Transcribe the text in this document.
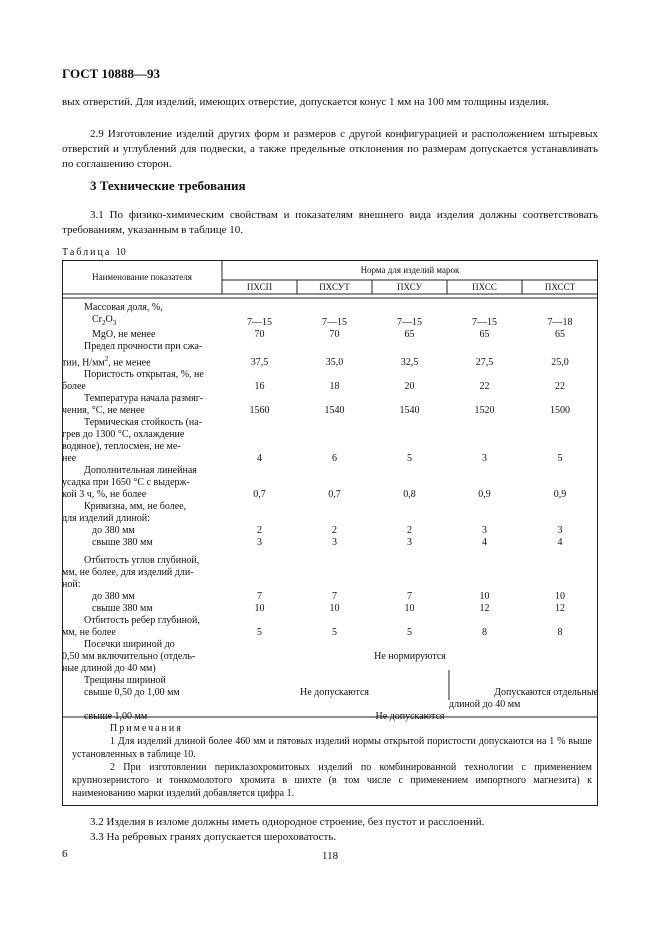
ГОСТ 10888—93

вых отверстий. Для изделий, имеющих отверстие, допускается конус 1 мм на 100 мм толщины изделия.

2.9 Изготовление изделий других форм и размеров с другой конфигурацией и расположением штыревых отверстий и углублений для подвески, а также предельные отклонения по размерам допускается устанавливать по соглашению сторон.

3 Технические требования

3.1 По физико-химическим свойствам и показателям внешнего вида изделия должны соответствовать требованиям, указанным в таблице 10.

Таблица 10
Наименование показателя	Норма для изделий марок				
	ПХСП	ПХСУТ	ПХСУ	ПХСС	ПХССТ

Массовая доля, %,					
$Cr_2O_3$	7—15	7—15	7—15	7—15	7—18
MgO, не менее	70	70	65	65	65
Предел прочности при сжа-					
тии, $Н/мм^2$, не менее	37,5	35,0	32,5	27,5	25,0
Пористость открытая, %, не					
более	16	18	20	22	22
Температура начала размяг-					
чения, °С, не менее	1560	1540	1540	1520	1500
Термическая стойкость (на-					
грев до 1300 °С, охлаждение					
водяное), теплосмен, не ме-					
нее	4	6	5	3	5
Дополнительная линейная					
усадка при 1650 °С с выдерж-					
кой 3 ч, %, не более	0,7	0,7	0,8	0,9	0,9
Кривизна, мм, не более,					
для изделий длиной:					
до 380 мм	2	2	2	3	3
свыше 380 мм	3	3	3	4	4

Отбитость углов глубиной,					
мм, не более, для изделий дли-					
ной:					
до 380 мм	7	7	7	10	10
свыше 380 мм	10	10	10	12	12
Отбитость ребер глубиной,					
мм, не более	5	5	5	8	8
Посечки шириной до					
0,50 мм включительно (отдель-	Не нормируются				
ные длиной до 40 мм)					
Трещины шириной					
свыше 0,50 до 1,00 мм	Не допускаются			Допускаются отдельные	
				длиной до 40 мм	
свыше 1,00 мм	Не допускаются				
Примечания
1 Для изделий длиной более 460 мм и пятовых изделий нормы открытой пористости допускаются на 1 % выше установленных в таблице 10.
2 При изготовлении периклазохромитовых изделий по комбинированной технологии с применением крупнозернистого и тонкомолотого хромита в шихте (в том числе с применением импортного магнезита) к наименованию марки изделий добавляется цифра 1.

3.2 Изделия в изломе должны иметь однородное строение, без пустот и расслоений.

3.3 На ребровых гранях допускается шероховатость.

6	118
